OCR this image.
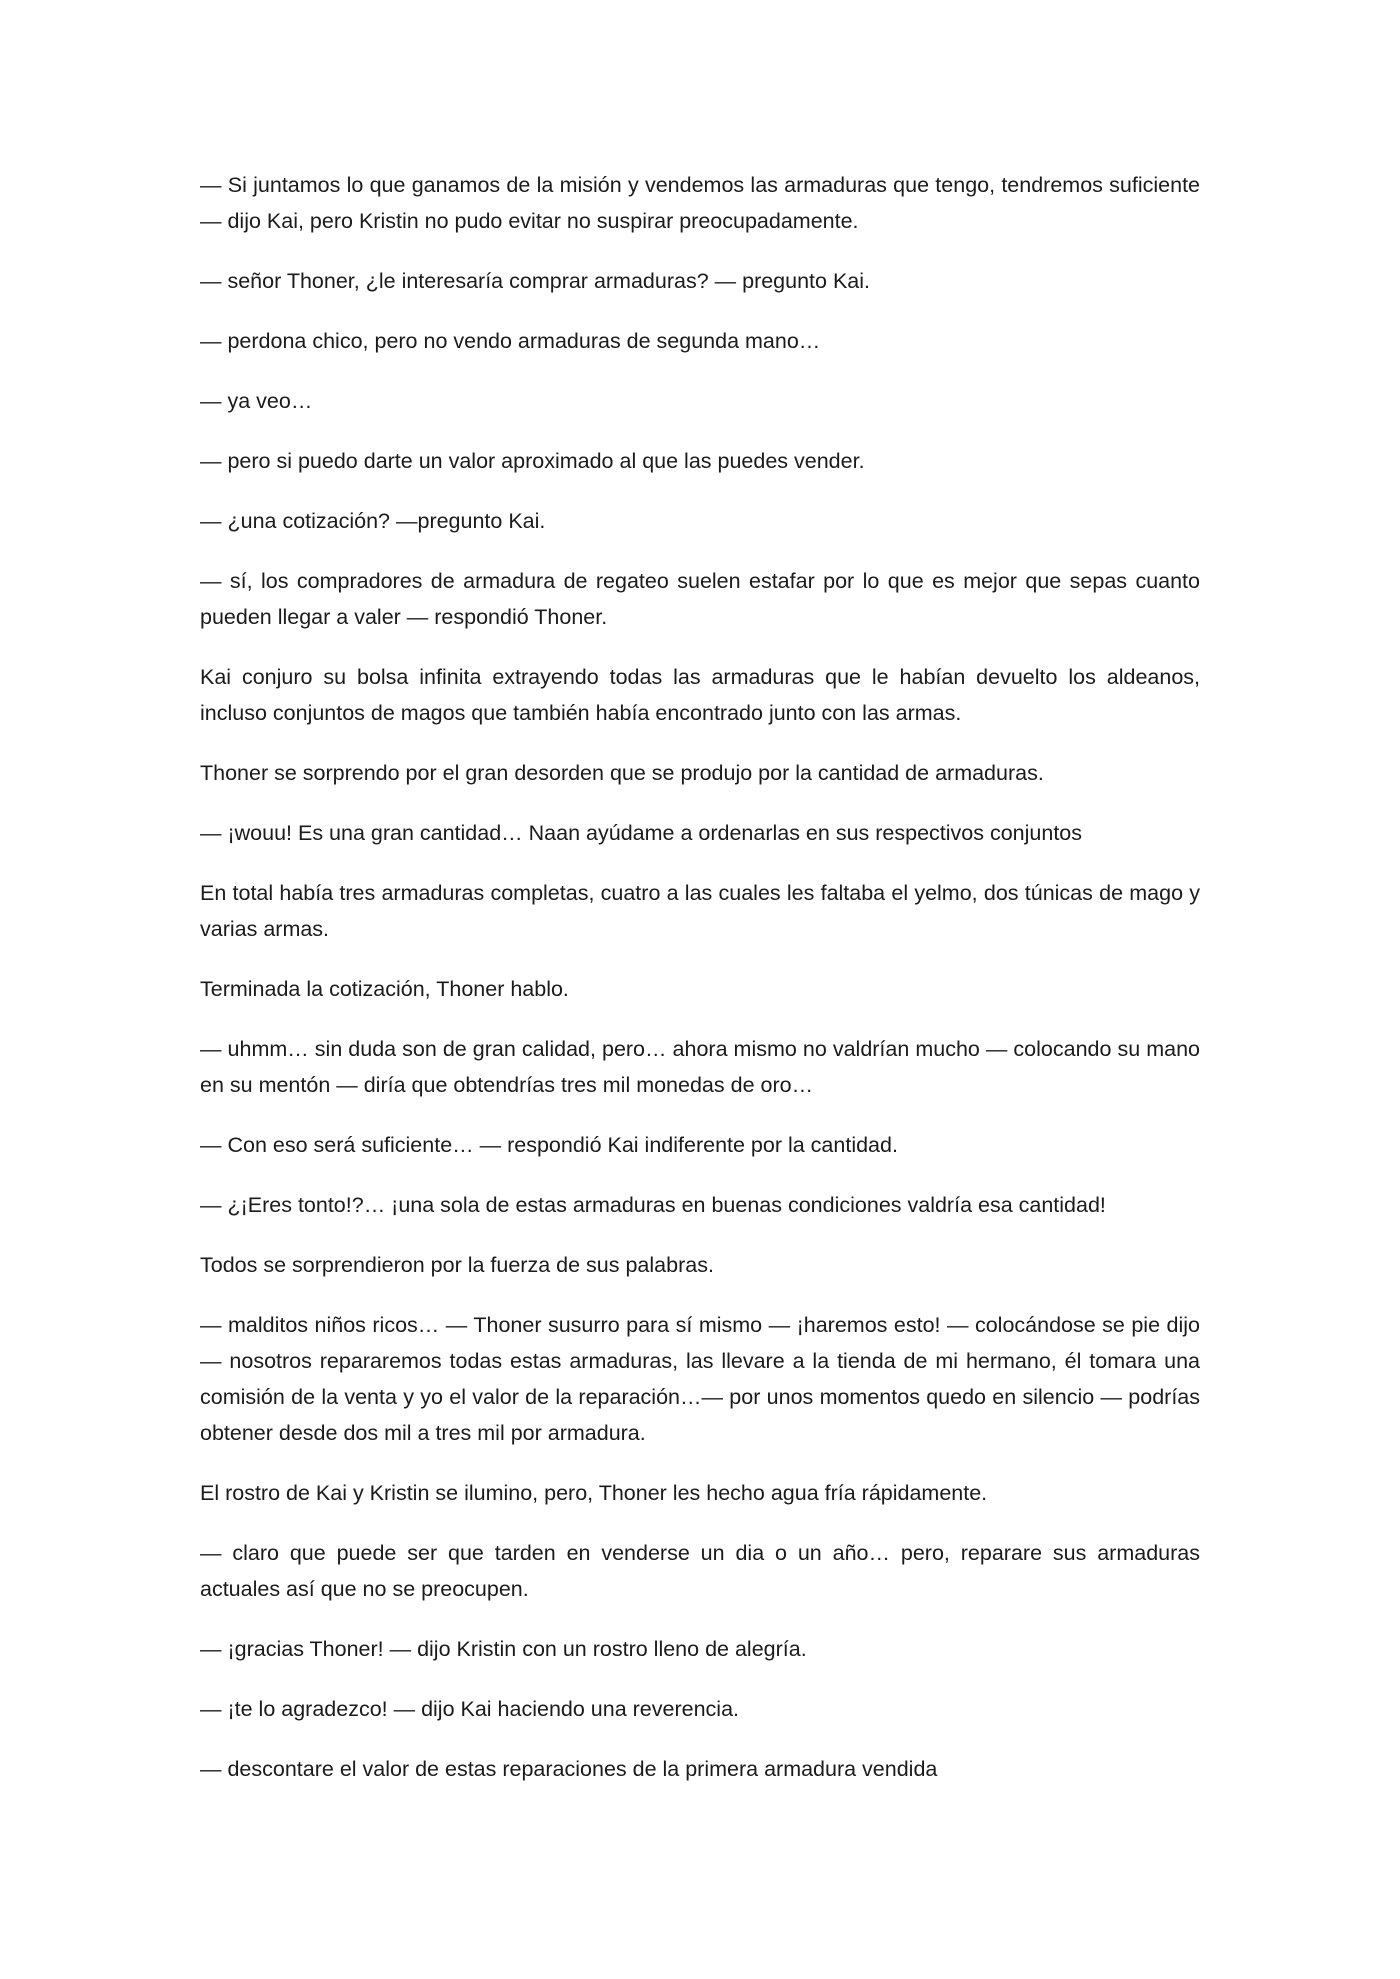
— Si juntamos lo que ganamos de la misión y vendemos las armaduras que tengo, tendremos suficiente — dijo Kai, pero Kristin no pudo evitar no suspirar preocupadamente.

— señor Thoner, ¿le interesaría comprar armaduras? — pregunto Kai.

— perdona chico, pero no vendo armaduras de segunda mano…

— ya veo…

— pero si puedo darte un valor aproximado al que las puedes vender.

— ¿una cotización? —pregunto Kai.

— sí, los compradores de armadura de regateo suelen estafar por lo que es mejor que sepas cuanto pueden llegar a valer — respondió Thoner.

Kai conjuro su bolsa infinita extrayendo todas las armaduras que le habían devuelto los aldeanos, incluso conjuntos de magos que también había encontrado junto con las armas.

Thoner se sorprendo por el gran desorden que se produjo por la cantidad de armaduras.

— ¡wouu! Es una gran cantidad… Naan ayúdame a ordenarlas en sus respectivos conjuntos

En total había tres armaduras completas, cuatro a las cuales les faltaba el yelmo, dos túnicas de mago y varias armas.

Terminada la cotización, Thoner hablo.

— uhmm… sin duda son de gran calidad, pero… ahora mismo no valdrían mucho — colocando su mano en su mentón — diría que obtendrías tres mil monedas de oro…

— Con eso será suficiente… — respondió Kai indiferente por la cantidad.

— ¿¡Eres tonto!?… ¡una sola de estas armaduras en buenas condiciones valdría esa cantidad!

Todos se sorprendieron por la fuerza de sus palabras.

— malditos niños ricos… — Thoner susurro para sí mismo — ¡haremos esto! — colocándose se pie dijo — nosotros repararemos todas estas armaduras, las llevare a la tienda de mi hermano, él tomara una comisión de la venta y yo el valor de la reparación…— por unos momentos quedo en silencio — podrías obtener desde dos mil a tres mil por armadura.

El rostro de Kai y Kristin se ilumino, pero, Thoner les hecho agua fría rápidamente.

— claro que puede ser que tarden en venderse un dia o un año… pero, reparare sus armaduras actuales así que no se preocupen.

— ¡gracias Thoner! — dijo Kristin con un rostro lleno de alegría.

— ¡te lo agradezco! — dijo Kai haciendo una reverencia.

— descontare el valor de estas reparaciones de la primera armadura vendida
